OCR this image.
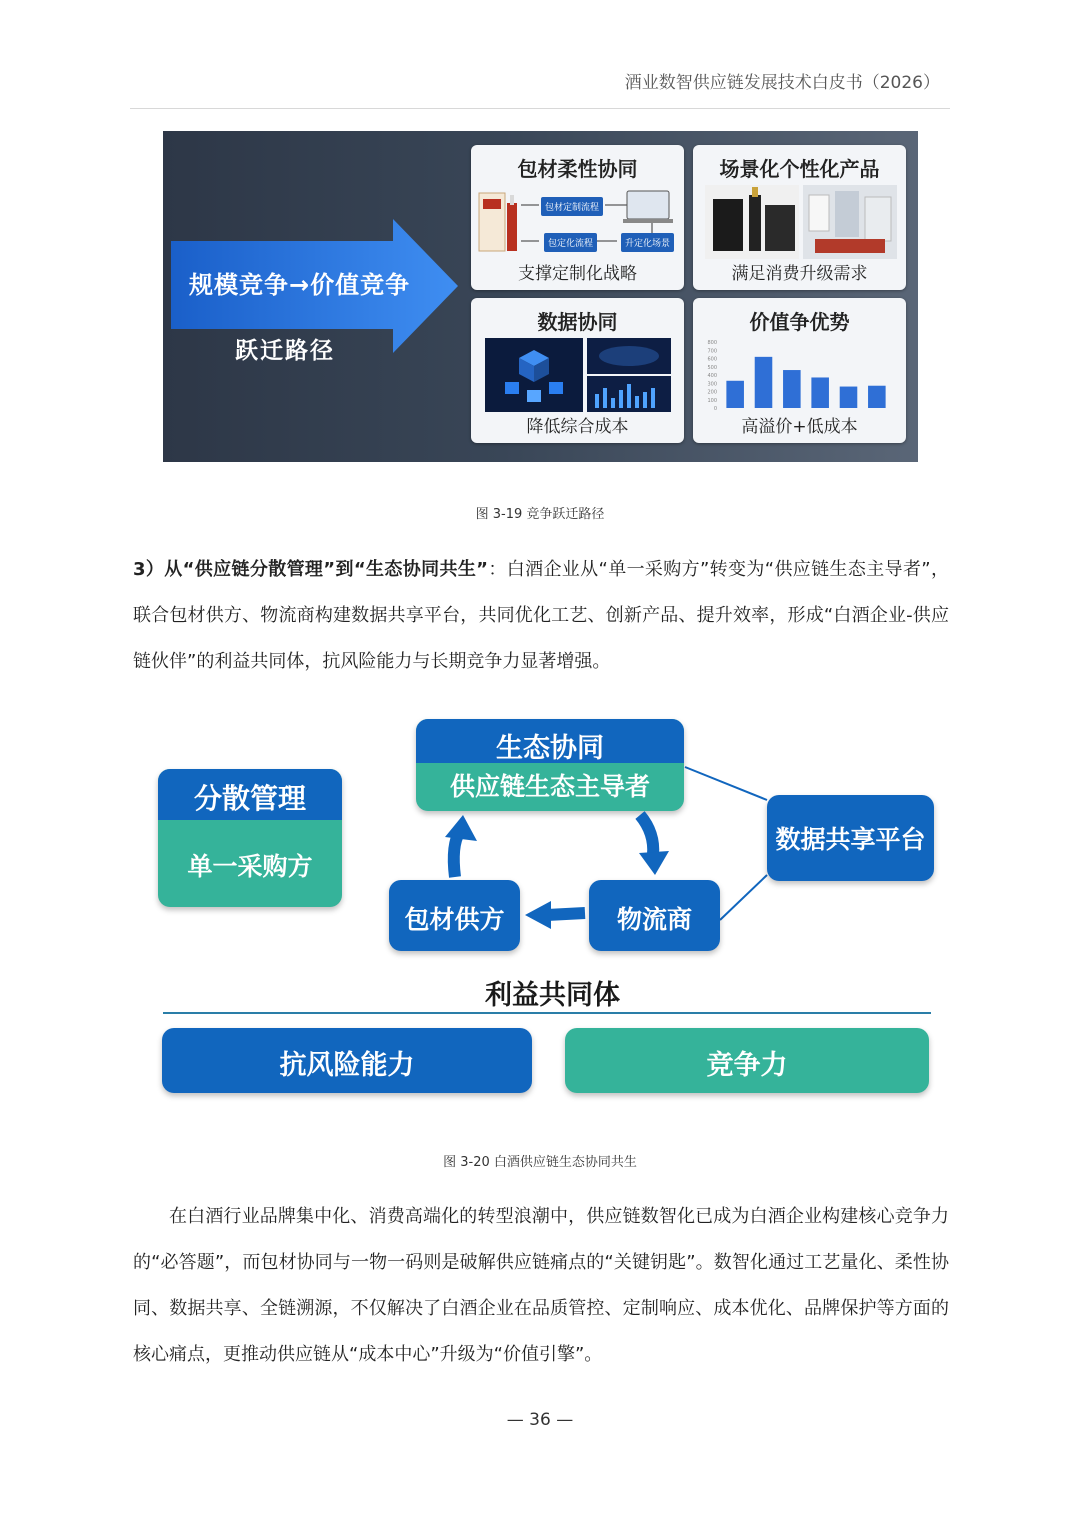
酒业数智供应链发展技术白皮书（2026）
规模竞争→价值竞争
跃迁路径
包材柔性协同
包材定制流程
包定化流程	升定化场景
支撑定制化战略
场景化个性化产品
满足消费升级需求
数据协同
降低综合成本
价值争优势
800
700
600
500
400
300
200
100
0
高溢价+低成本
图 3-19 竞争跃迁路径
3）从“供应链分散管理”到“生态协同共生”：白酒企业从“单一采购方”转变为“供应链生态主导者”，联合包材供方、物流商构建数据共享平台，共同优化工艺、创新产品、提升效率，形成“白酒企业-供应链伙伴”的利益共同体，抗风险能力与长期竞争力显著增强。
分散管理
单一采购方
生态协同
供应链生态主导者
数据共享平台
包材供方	物流商
利益共同体
抗风险能力	竞争力
图 3-20 白酒供应链生态协同共生
在白酒行业品牌集中化、消费高端化的转型浪潮中，供应链数智化已成为白酒企业构建核心竞争力的“必答题”，而包材协同与一物一码则是破解供应链痛点的“关键钥匙”。数智化通过工艺量化、柔性协同、数据共享、全链溯源，不仅解决了白酒企业在品质管控、定制响应、成本优化、品牌保护等方面的核心痛点，更推动供应链从“成本中心”升级为“价值引擎”。
— 36 —
